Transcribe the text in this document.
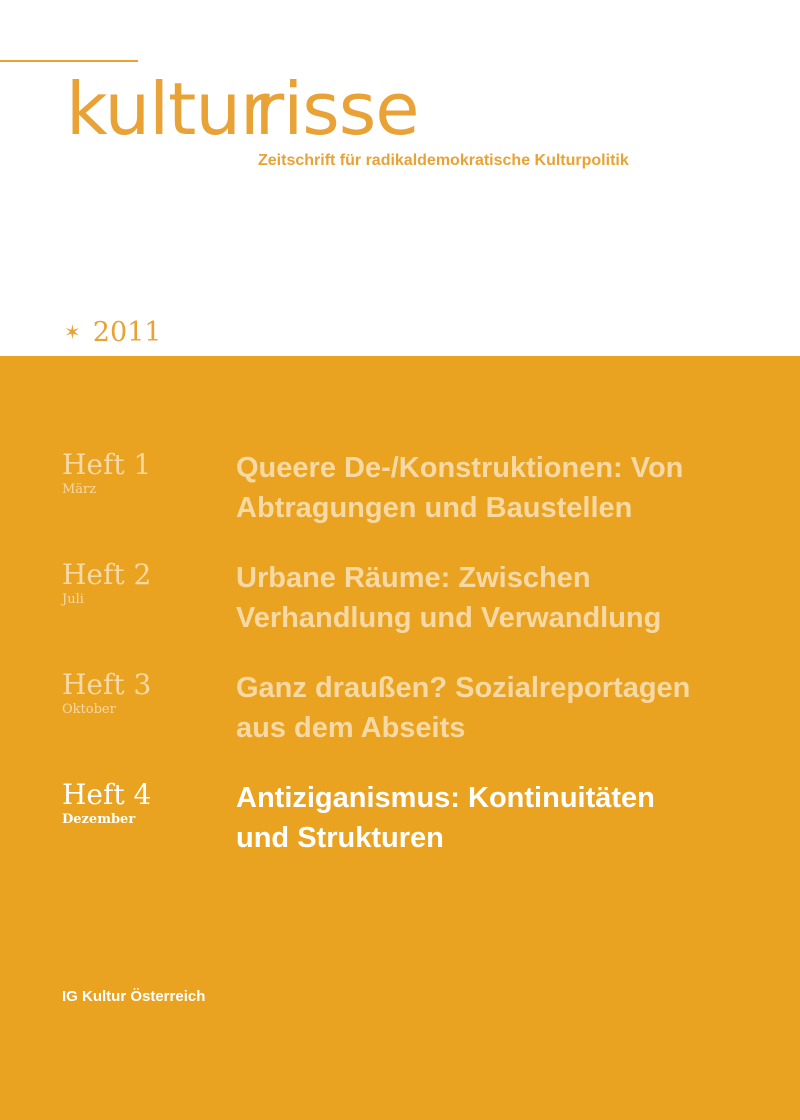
kulturrisse
Zeitschrift für radikaldemokratische Kulturpolitik
✶ 2011
Heft 1
März
Queere De-/Konstruktionen: Von
Abtragungen und Baustellen
Heft 2
Juli
Urbane Räume: Zwischen
Verhandlung und Verwandlung
Heft 3
Oktober
Ganz draußen? Sozialreportagen
aus dem Abseits
Heft 4
Dezember
Antiziganismus: Kontinuitäten
und Strukturen
IG Kultur Österreich
